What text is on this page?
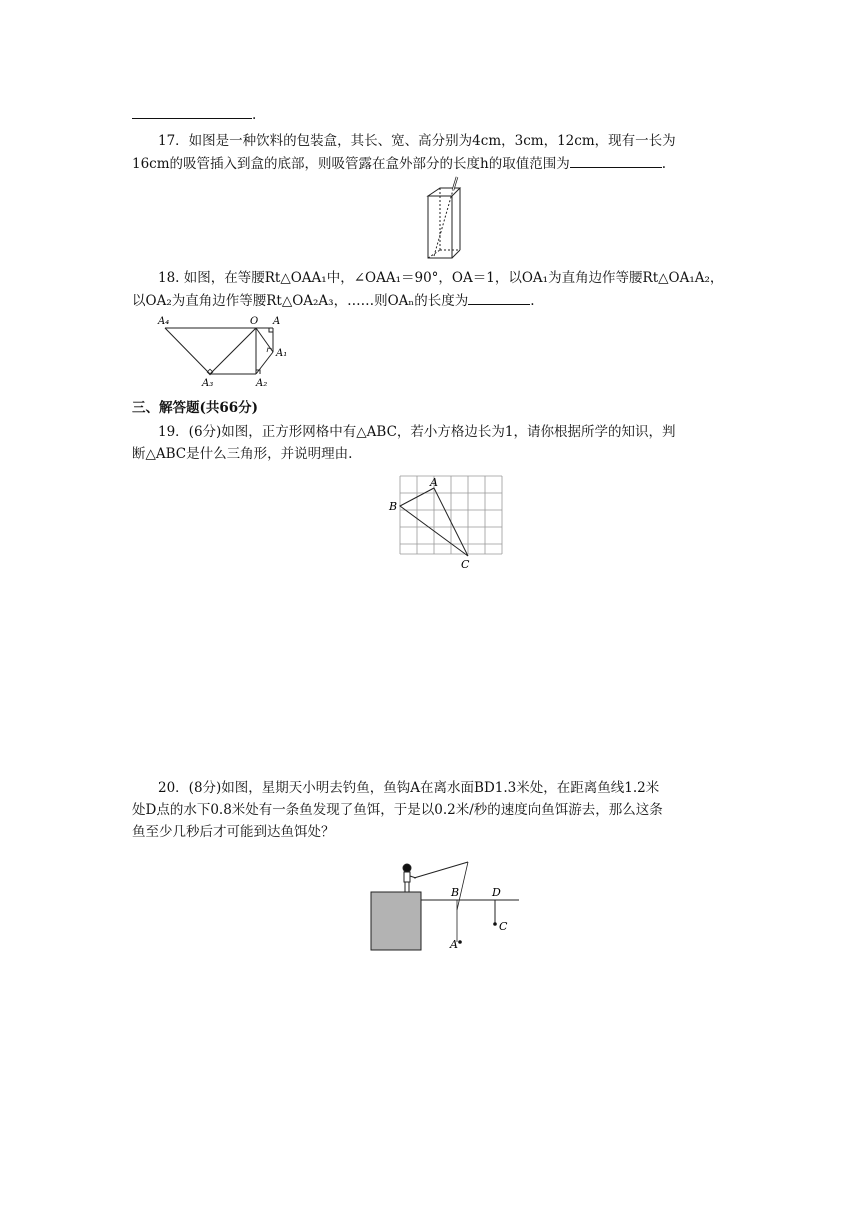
.
17．如图是一种饮料的包装盒，其长、宽、高分别为4cm，3cm，12cm，现有一长为
16cm的吸管插入到盒的底部，则吸管露在盒外部分的长度h的取值范围为	.
18. 如图，在等腰Rt△OAA₁中，∠OAA₁＝90°，OA＝1，以OA₁为直角边作等腰Rt△OA₁A₂，
以OA₂为直角边作等腰Rt△OA₂A₃，……则OAₙ的长度为	.
A₄	O A
A₁
A₂
A₃
三、解答题(共66分)
19．(6分)如图，正方形网格中有△ABC，若小方格边长为1，请你根据所学的知识，判
断△ABC是什么三角形，并说明理由.
A
B
C
20．(8分)如图，星期天小明去钓鱼，鱼钩A在离水面BD1.3米处，在距离鱼线1.2米
处D点的水下0.8米处有一条鱼发现了鱼饵，于是以0.2米/秒的速度向鱼饵游去，那么这条
鱼至少几秒后才可能到达鱼饵处？
B	D
C
A
